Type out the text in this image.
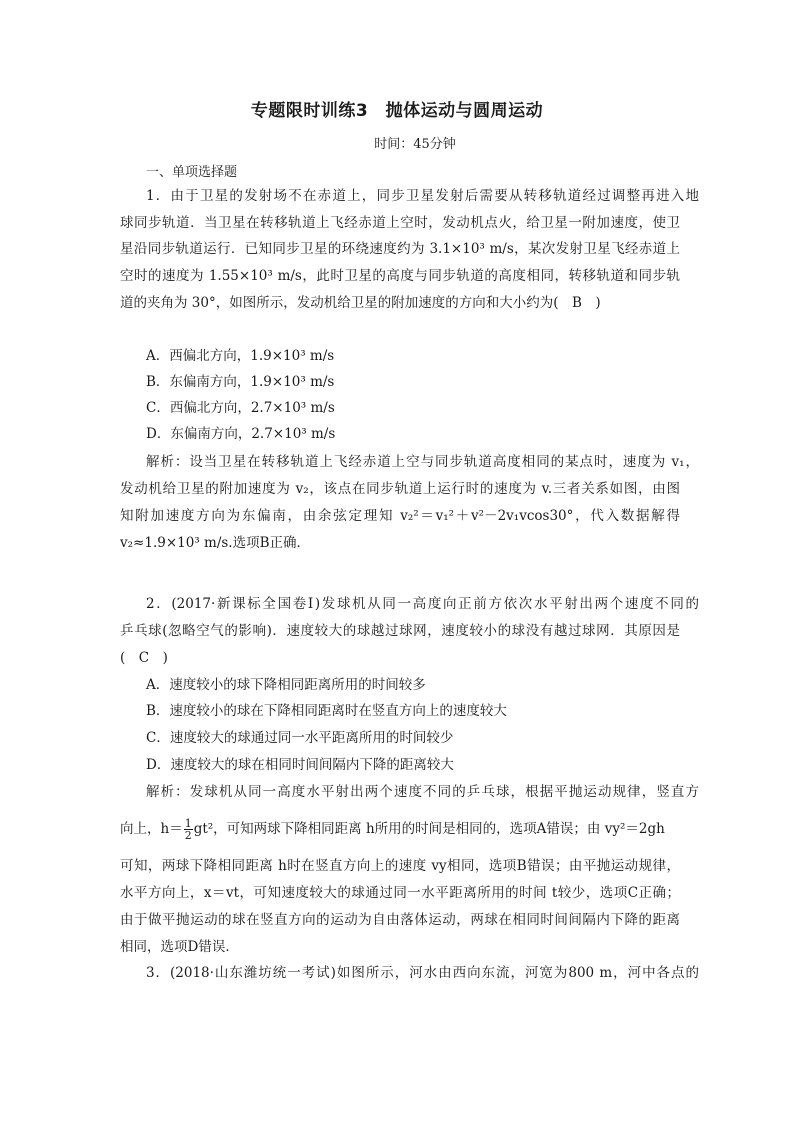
专题限时训练3　抛体运动与圆周运动
时间：45分钟
一、单项选择题
1．由于卫星的发射场不在赤道上，同步卫星发射后需要从转移轨道经过调整再进入地
球同步轨道．当卫星在转移轨道上飞经赤道上空时，发动机点火，给卫星一附加速度，使卫
星沿同步轨道运行．已知同步卫星的环绕速度约为 3.1×10³ m/s，某次发射卫星飞经赤道上
空时的速度为 1.55×10³ m/s，此时卫星的高度与同步轨道的高度相同，转移轨道和同步轨
道的夹角为 30°，如图所示，发动机给卫星的附加速度的方向和大小约为(　B　)
A．西偏北方向，1.9×10³ m/s
B．东偏南方向，1.9×10³ m/s
C．西偏北方向，2.7×10³ m/s
D．东偏南方向，2.7×10³ m/s
解析：设当卫星在转移轨道上飞经赤道上空与同步轨道高度相同的某点时，速度为 v₁，
发动机给卫星的附加速度为 v₂，该点在同步轨道上运行时的速度为 v.三者关系如图，由图
知附加速度方向为东偏南，由余弦定理知 v₂²＝v₁²＋v²－2v₁vcos30°，代入数据解得
v₂≈1.9×10³ m/s.选项B正确．
2．(2017·新课标全国卷Ⅰ)发球机从同一高度向正前方依次水平射出两个速度不同的
乒乓球(忽略空气的影响)．速度较大的球越过球网，速度较小的球没有越过球网．其原因是
(　C　)
A．速度较小的球下降相同距离所用的时间较多
B．速度较小的球在下降相同距离时在竖直方向上的速度较大
C．速度较大的球通过同一水平距离所用的时间较少
D．速度较大的球在相同时间间隔内下降的距离较大
解析：发球机从同一高度水平射出两个速度不同的乒乓球，根据平抛运动规律，竖直方
向上，$h= \frac{1}{2} gt^2$，可知两球下降相同距离 h所用的时间是相同的，选项A错误；由 vy²＝2gh
可知，两球下降相同距离 h时在竖直方向上的速度 vy相同，选项B错误；由平抛运动规律，
水平方向上，x＝vt，可知速度较大的球通过同一水平距离所用的时间 t较少，选项C正确；
由于做平抛运动的球在竖直方向的运动为自由落体运动，两球在相同时间间隔内下降的距离
相同，选项D错误．
3．(2018·山东潍坊统一考试)如图所示，河水由西向东流，河宽为800 m，河中各点的
